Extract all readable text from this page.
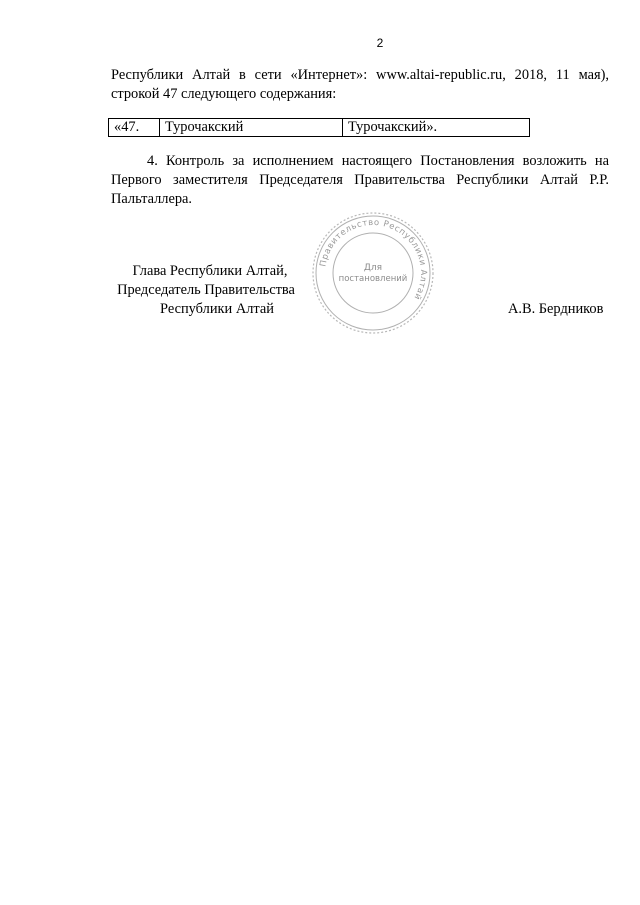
2
Республики Алтай в сети «Интернет»: www.altai-republic.ru, 2018, 11 мая),
строкой 47 следующего содержания:
«47.	Турочакский	Турочакский».
4. Контроль за исполнением настоящего Постановления возложить на Первого заместителя Председателя Правительства Республики Алтай Р.Р. Пальталлера.
Глава Республики Алтай,
Председатель Правительства
Республики Алтай	А.В. Бердников
Правительство Республики Алтай
Для
постановлений
